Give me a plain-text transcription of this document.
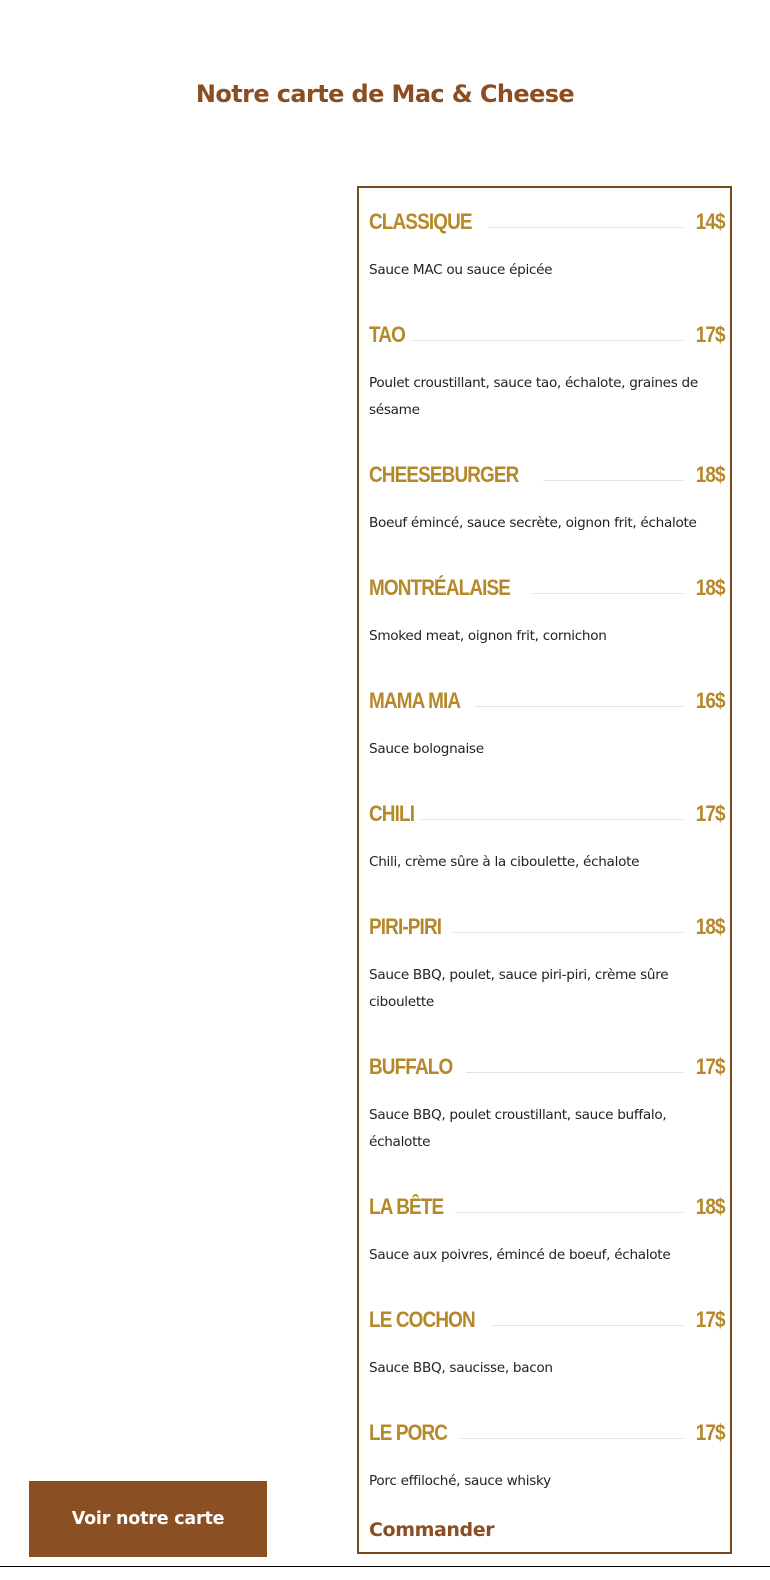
Notre carte de Mac & Cheese
CLASSIQUE	14$
Sauce MAC ou sauce épicée
TAO	17$
Poulet croustillant, sauce tao, échalote, graines de sésame
CHEESEBURGER	18$
Boeuf émincé, sauce secrète, oignon frit, échalote
MONTRÉALAISE	18$
Smoked meat, oignon frit, cornichon
MAMA MIA	16$
Sauce bolognaise
CHILI	17$
Chili, crème sûre à la ciboulette, échalote
PIRI-PIRI	18$
Sauce BBQ, poulet, sauce piri-piri, crème sûre ciboulette
BUFFALO	17$
Sauce BBQ, poulet croustillant, sauce buffalo, échalotte
LA BÊTE	18$
Sauce aux poivres, émincé de boeuf, échalote
LE COCHON	17$
Sauce BBQ, saucisse, bacon
LE PORC	17$
Porc effiloché, sauce whisky
Commander
Voir notre carte
